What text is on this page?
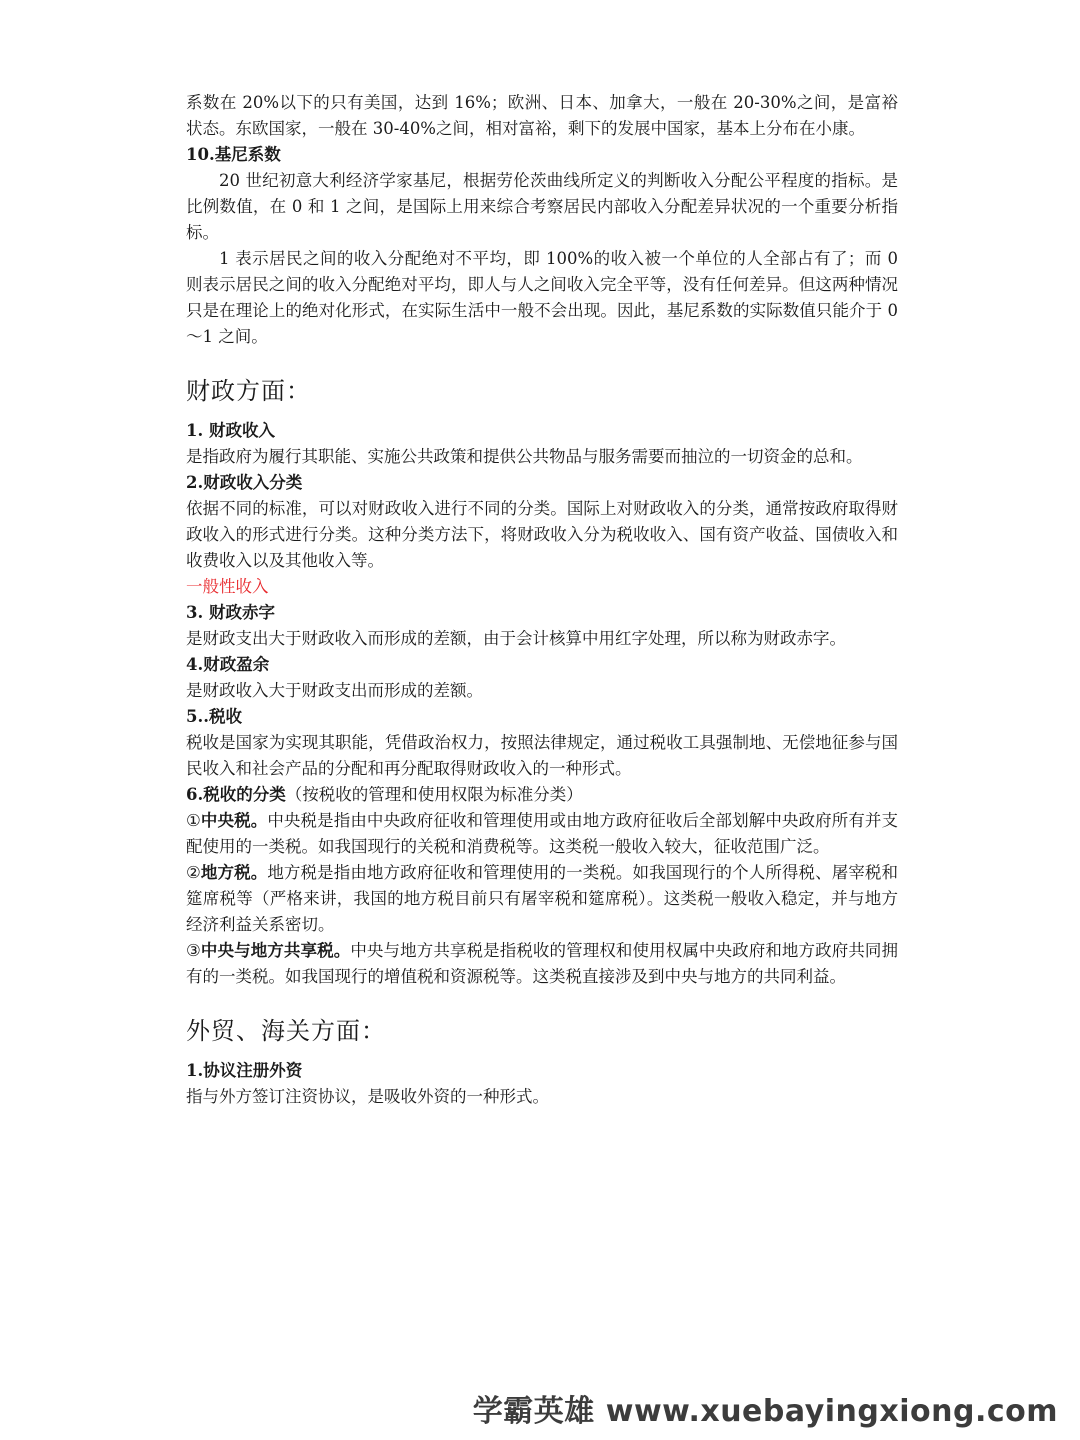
系数在 20%以下的只有美国，达到 16%；欧洲、日本、加拿大，一般在 20-30%之间，是富裕状态。东欧国家，一般在 30-40%之间，相对富裕，剩下的发展中国家，基本上分布在小康。

10.基尼系数

20 世纪初意大利经济学家基尼，根据劳伦茨曲线所定义的判断收入分配公平程度的指标。是比例数值，在 0 和 1 之间，是国际上用来综合考察居民内部收入分配差异状况的一个重要分析指标。

1 表示居民之间的收入分配绝对不平均，即 100%的收入被一个单位的人全部占有了；而 0 则表示居民之间的收入分配绝对平均，即人与人之间收入完全平等，没有任何差异。但这两种情况只是在理论上的绝对化形式，在实际生活中一般不会出现。因此，基尼系数的实际数值只能介于 0～1 之间。

财政方面：
1. 财政收入

是指政府为履行其职能、实施公共政策和提供公共物品与服务需要而抽泣的一切资金的总和。

2.财政收入分类

依据不同的标准，可以对财政收入进行不同的分类。国际上对财政收入的分类，通常按政府取得财政收入的形式进行分类。这种分类方法下，将财政收入分为税收收入、国有资产收益、国债收入和收费收入以及其他收入等。

一般性收入

3. 财政赤字

是财政支出大于财政收入而形成的差额，由于会计核算中用红字处理，所以称为财政赤字。

4.财政盈余

是财政收入大于财政支出而形成的差额。

5..税收

税收是国家为实现其职能，凭借政治权力，按照法律规定，通过税收工具强制地、无偿地征参与国民收入和社会产品的分配和再分配取得财政收入的一种形式。

6.税收的分类（按税收的管理和使用权限为标准分类）

①中央税。中央税是指由中央政府征收和管理使用或由地方政府征收后全部划解中央政府所有并支配使用的一类税。如我国现行的关税和消费税等。这类税一般收入较大，征收范围广泛。

②地方税。地方税是指由地方政府征收和管理使用的一类税。如我国现行的个人所得税、屠宰税和筵席税等（严格来讲，我国的地方税目前只有屠宰税和筵席税）。这类税一般收入稳定，并与地方经济利益关系密切。

③中央与地方共享税。中央与地方共享税是指税收的管理权和使用权属中央政府和地方政府共同拥有的一类税。如我国现行的增值税和资源税等。这类税直接涉及到中央与地方的共同利益。

外贸、海关方面：
1.协议注册外资

指与外方签订注资协议，是吸收外资的一种形式。

学霸英雄 www.xuebayingxiong.com
